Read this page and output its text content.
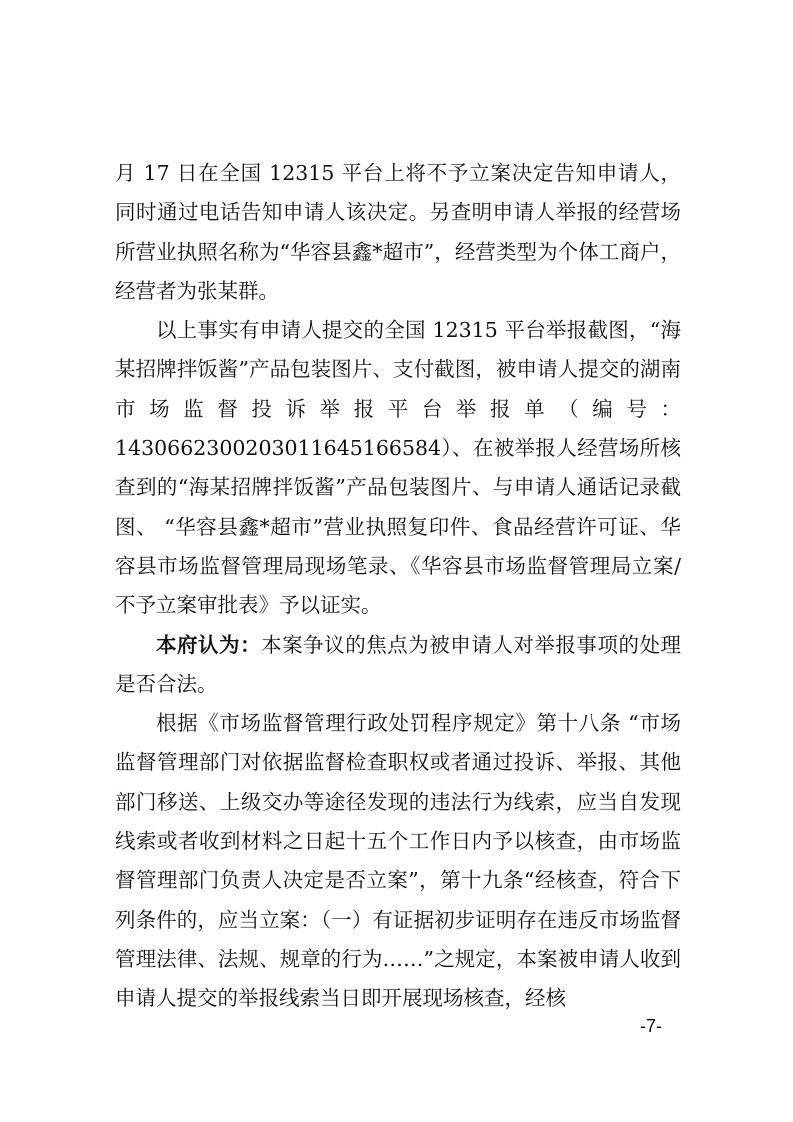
月 17 日在全国 12315 平台上将不予立案决定告知申请人，同时通过电话告知申请人该决定。另查明申请人举报的经营场所营业执照名称为“华容县鑫*超市”，经营类型为个体工商户，经营者为张某群。

以上事实有申请人提交的全国 12315 平台举报截图，“海某招牌拌饭酱”产品包装图片、支付截图，被申请人提交的湖南市场监督投诉举报平台举报单（编号：1430662300203011645166584）、在被举报人经营场所核查到的“海某招牌拌饭酱”产品包装图片、与申请人通话记录截图、 “华容县鑫*超市”营业执照复印件、食品经营许可证、华容县市场监督管理局现场笔录、《华容县市场监督管理局立案/不予立案审批表》予以证实。

本府认为：本案争议的焦点为被申请人对举报事项的处理是否合法。

根据《市场监督管理行政处罚程序规定》第十八条 “市场监督管理部门对依据监督检查职权或者通过投诉、举报、其他部门移送、上级交办等途径发现的违法行为线索，应当自发现线索或者收到材料之日起十五个工作日内予以核查，由市场监督管理部门负责人决定是否立案”，第十九条“经核查，符合下列条件的，应当立案：（一）有证据初步证明存在违反市场监督管理法律、法规、规章的行为……”之规定，本案被申请人收到申请人提交的举报线索当日即开展现场核查，经核

-7-
